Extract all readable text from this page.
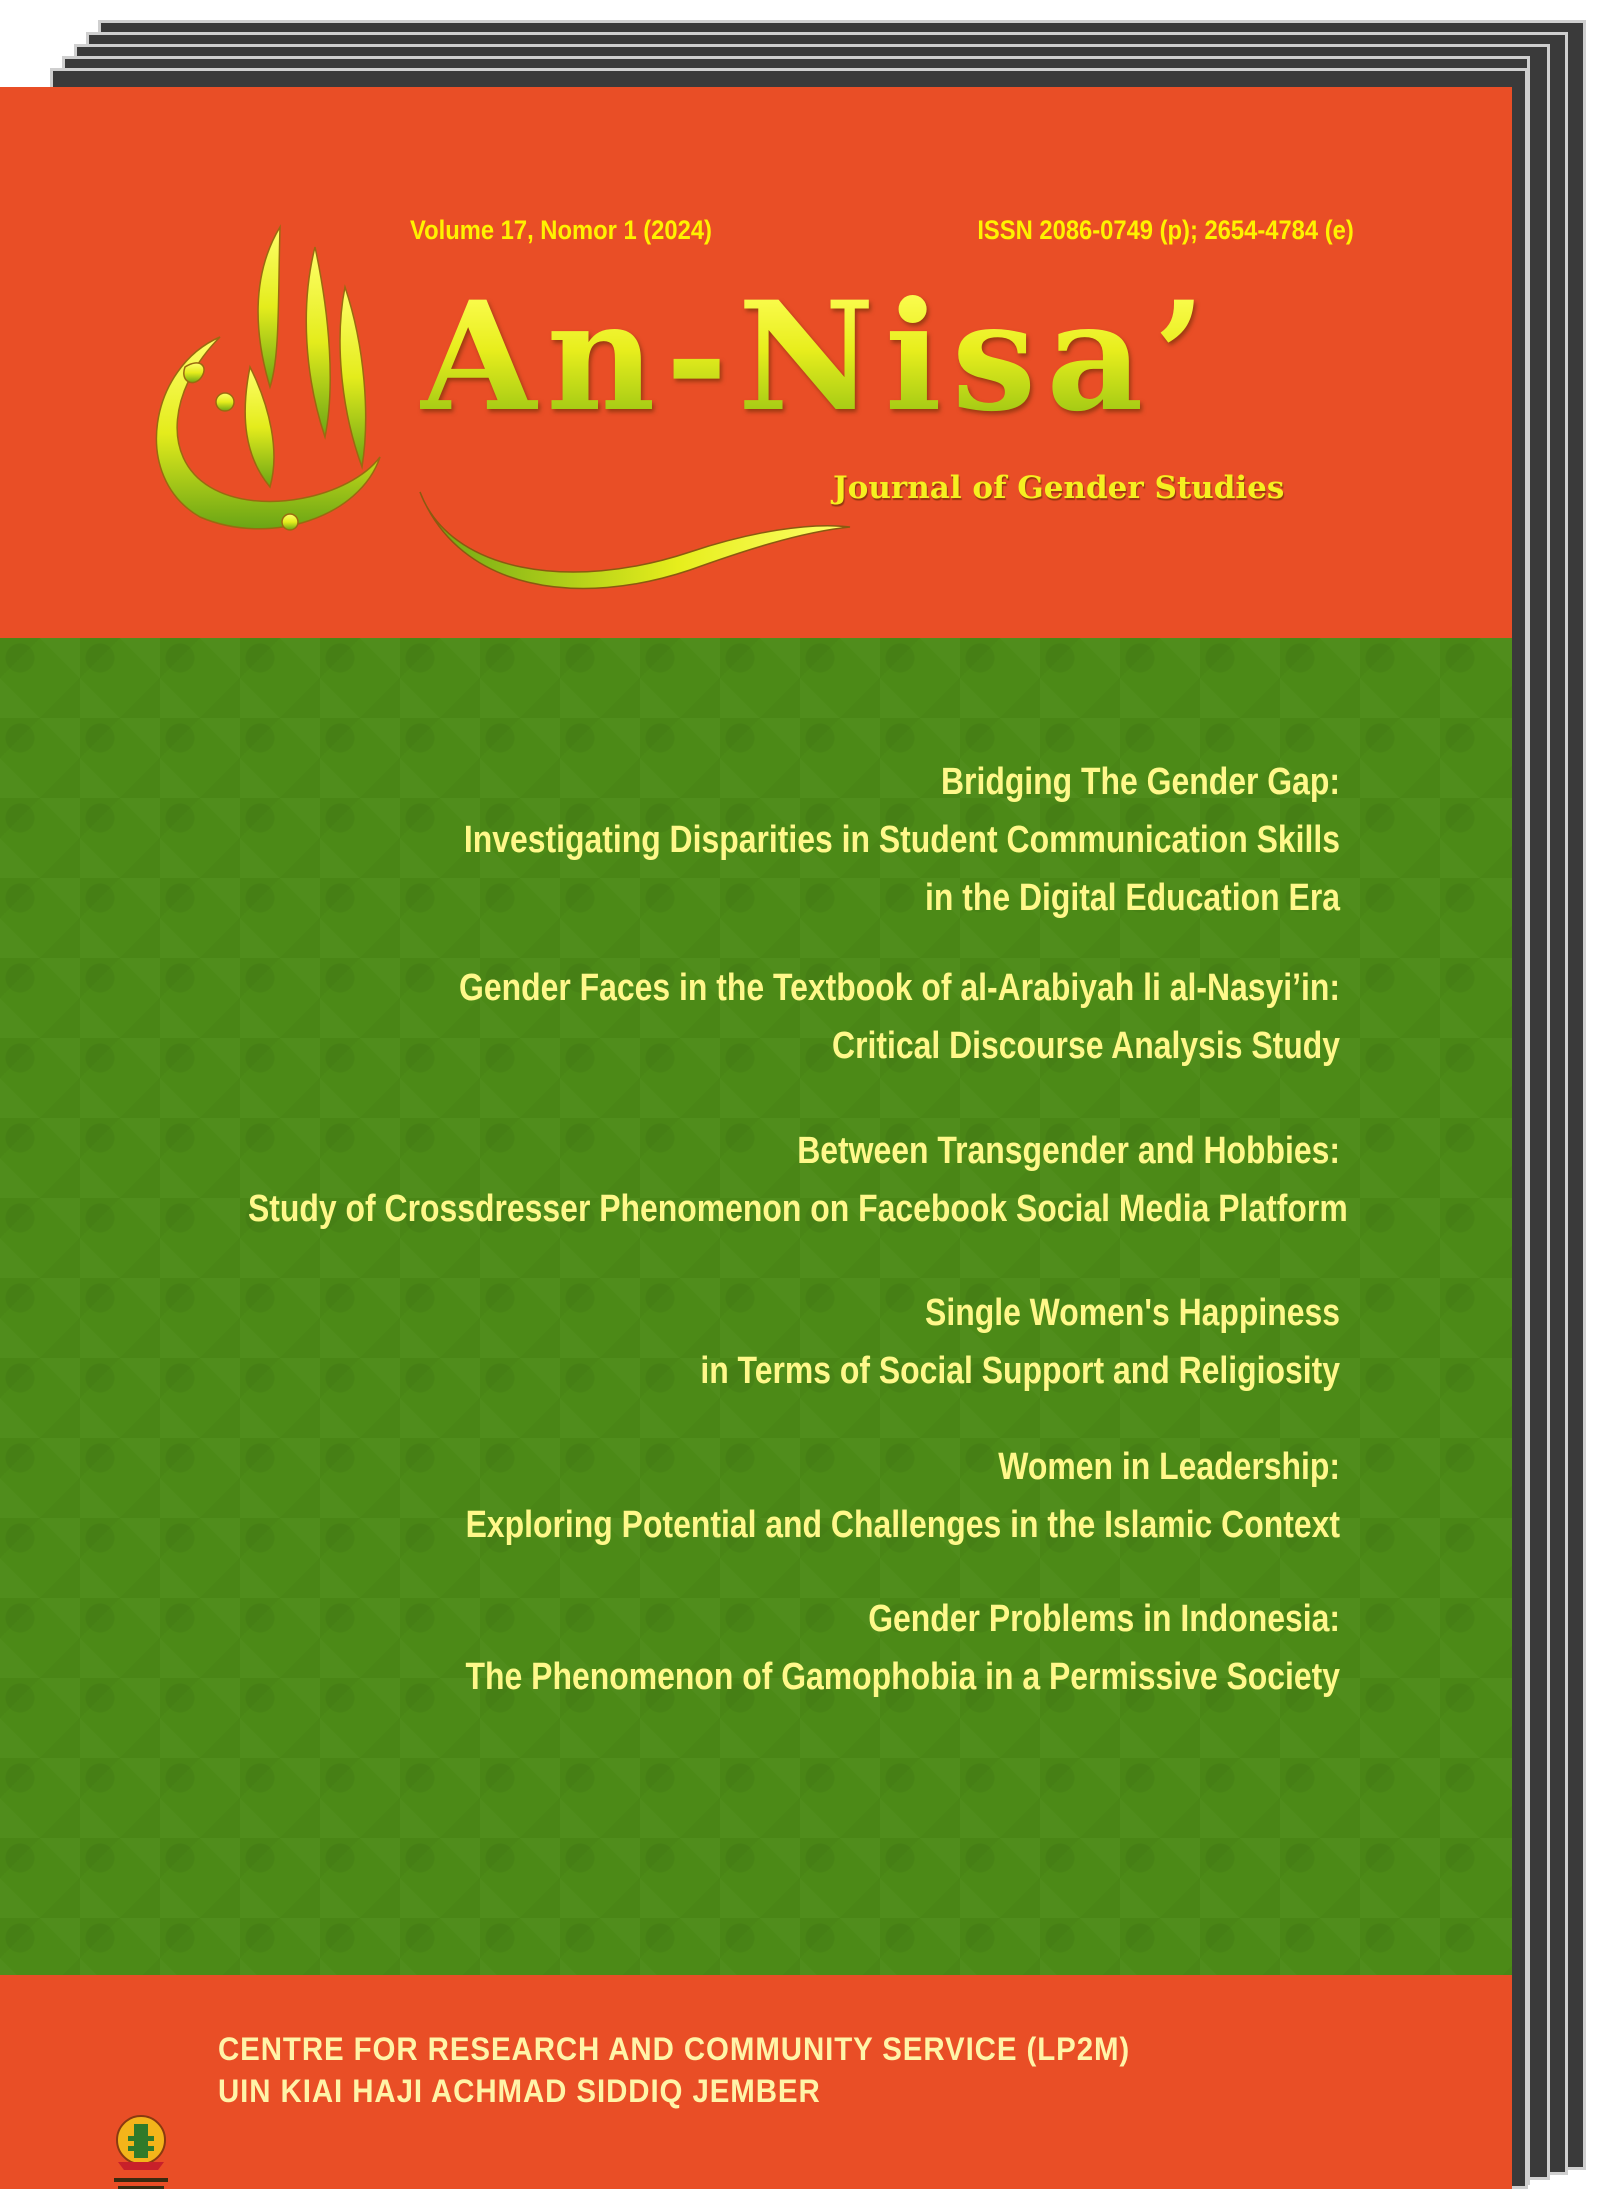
Volume 17, Nomor 1 (2024)	ISSN 2086-0749 (p); 2654-4784 (e)
An-Nisa’
Journal of Gender Studies
Bridging The Gender Gap:
Investigating Disparities in Student Communication Skills
in the Digital Education Era
Gender Faces in the Textbook of al-Arabiyah li al-Nasyi’in:
Critical Discourse Analysis Study
Between Transgender and Hobbies:
Study of Crossdresser Phenomenon on Facebook Social Media Platform
Single Women's Happiness
in Terms of Social Support and Religiosity
Women in Leadership:
Exploring Potential and Challenges in the Islamic Context
Gender Problems in Indonesia:
The Phenomenon of Gamophobia in a Permissive Society
CENTRE FOR RESEARCH AND COMMUNITY SERVICE (LP2M)
UIN KIAI HAJI ACHMAD SIDDIQ JEMBER
